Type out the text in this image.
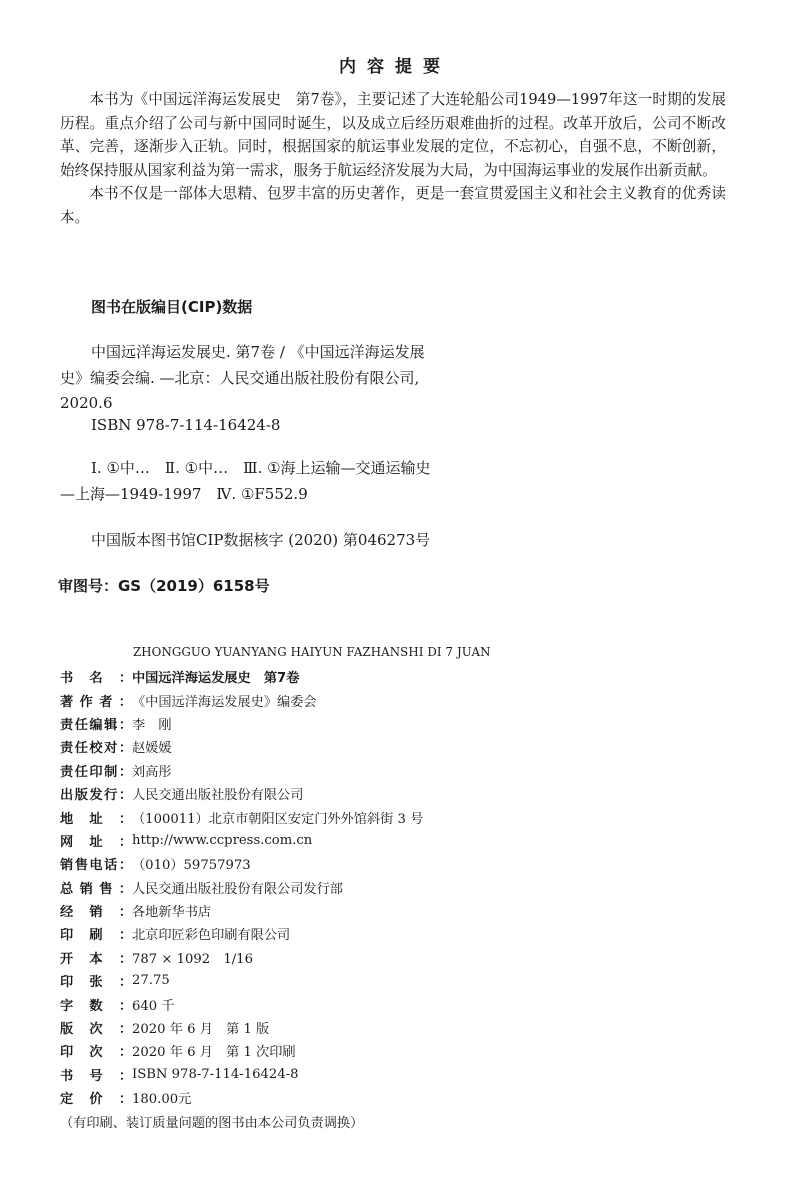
内容提要

本书为《中国远洋海运发展史　第7卷》，主要记述了大连轮船公司1949—1997年这一时期的发展历程。重点介绍了公司与新中国同时诞生，以及成立后经历艰难曲折的过程。改革开放后，公司不断改革、完善，逐渐步入正轨。同时，根据国家的航运事业发展的定位，不忘初心，自强不息，不断创新，始终保持服从国家利益为第一需求，服务于航运经济发展为大局，为中国海运事业的发展作出新贡献。

本书不仅是一部体大思精、包罗丰富的历史著作，更是一套宣贯爱国主义和社会主义教育的优秀读本。

图书在版编目(CIP)数据
中国远洋海运发展史. 第7卷 / 《中国远洋海运发展
史》编委会编. —北京：人民交通出版社股份有限公司,
2020.6
ISBN 978-7-114-16424-8
Ⅰ. ①中…　Ⅱ. ①中…　Ⅲ. ①海上运输—交通运输史
—上海—1949-1997　Ⅳ. ①F552.9
中国版本图书馆CIP数据核字 (2020) 第046273号
审图号：GS（2019）6158号
ZHONGGUO YUANYANG HAIYUN FAZHANSHI DI 7 JUAN
书 名 ： 中国远洋海运发展史　第7卷
著 作 者 ： 《中国远洋海运发展史》编委会
责 任 编 辑 ： 李　刚
责 任 校 对 ： 赵媛媛
责 任 印 制 ： 刘高彤
出 版 发 行 ： 人民交通出版社股份有限公司
地 址 ： （100011）北京市朝阳区安定门外外馆斜街 3 号
网 址 ： http://www.ccpress.com.cn
销 售 电 话 ： （010）59757973
总 销 售 ： 人民交通出版社股份有限公司发行部
经 销 ： 各地新华书店
印 刷 ： 北京印匠彩色印刷有限公司
开 本 ： 787 × 1092　1/16
印 张 ： 27.75
字 数 ： 640 千
版 次 ： 2020 年 6 月　第 1 版
印 次 ： 2020 年 6 月　第 1 次印刷
书 号 ： ISBN 978-7-114-16424-8
定 价 ： 180.00元
（有印刷、装订质量问题的图书由本公司负责调换）
